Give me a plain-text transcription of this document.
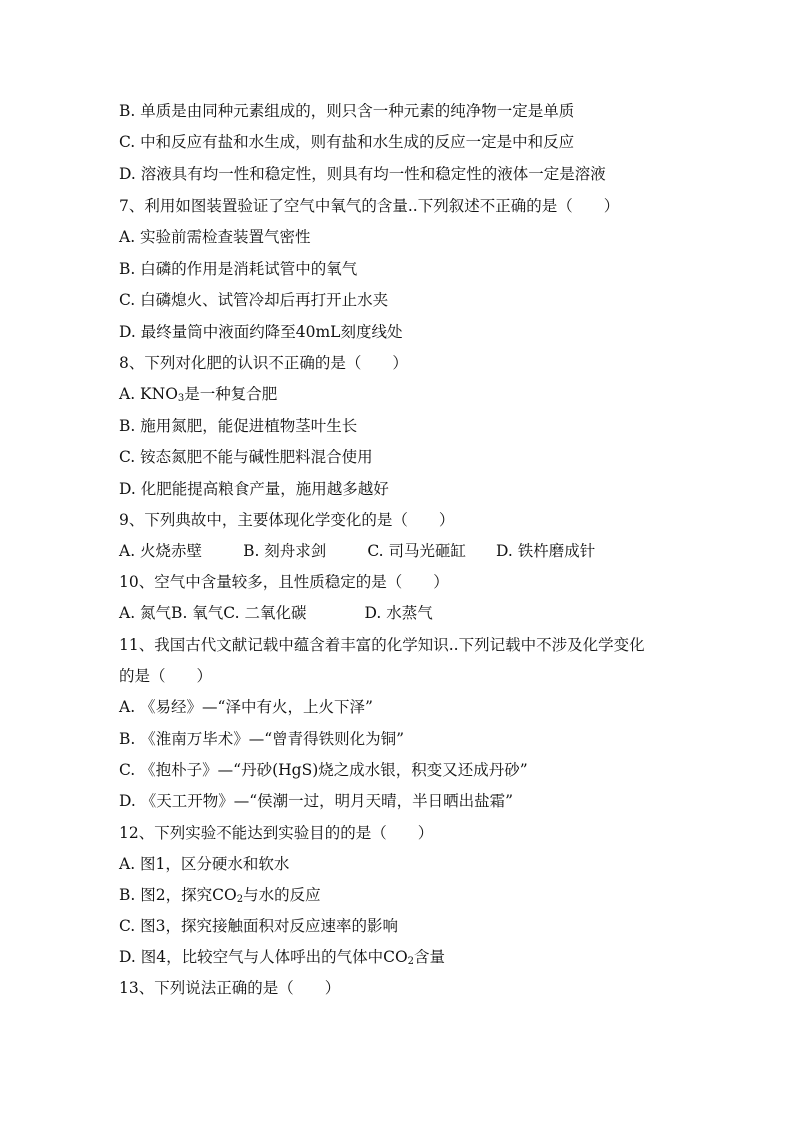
B. 单质是由同种元素组成的，则只含一种元素的纯净物一定是单质
C. 中和反应有盐和水生成，则有盐和水生成的反应一定是中和反应
D. 溶液具有均一性和稳定性，则具有均一性和稳定性的液体一定是溶液
7、利用如图装置验证了空气中氧气的含量..下列叙述不正确的是（　　）
A. 实验前需检查装置气密性
B. 白磷的作用是消耗试管中的氧气
C. 白磷熄火、试管冷却后再打开止水夹
D. 最终量筒中液面约降至40mL刻度线处
8、下列对化肥的认识不正确的是（　　）
A. $KNO_3$是一种复合肥
B. 施用氮肥，能促进植物茎叶生长
C. 铵态氮肥不能与碱性肥料混合使用
D. 化肥能提高粮食产量，施用越多越好
9、下列典故中，主要体现化学变化的是（　　）
A. 火烧赤壁	B. 刻舟求剑	C. 司马光砸缸 D. 铁杵磨成针
10、空气中含量较多，且性质稳定的是（　　）
A. 氮气B. 氧气C. 二氧化碳	D. 水蒸气
11、我国古代文献记载中蕴含着丰富的化学知识..下列记载中不涉及化学变化
的是（　　）
A. 《易经》—“泽中有火，上火下泽”
B. 《淮南万毕术》—“曾青得铁则化为铜”
C. 《抱朴子》—“丹砂(HgS)烧之成水银，积变又还成丹砂”
D. 《天工开物》—“侯潮一过，明月天晴，半日晒出盐霜”
12、下列实验不能达到实验目的的是（　　）
A. 图1，区分硬水和软水
B. 图2，探究$CO_2$与水的反应
C. 图3，探究接触面积对反应速率的影响
D. 图4，比较空气与人体呼出的气体中$CO_2$含量
13、下列说法正确的是（　　）
